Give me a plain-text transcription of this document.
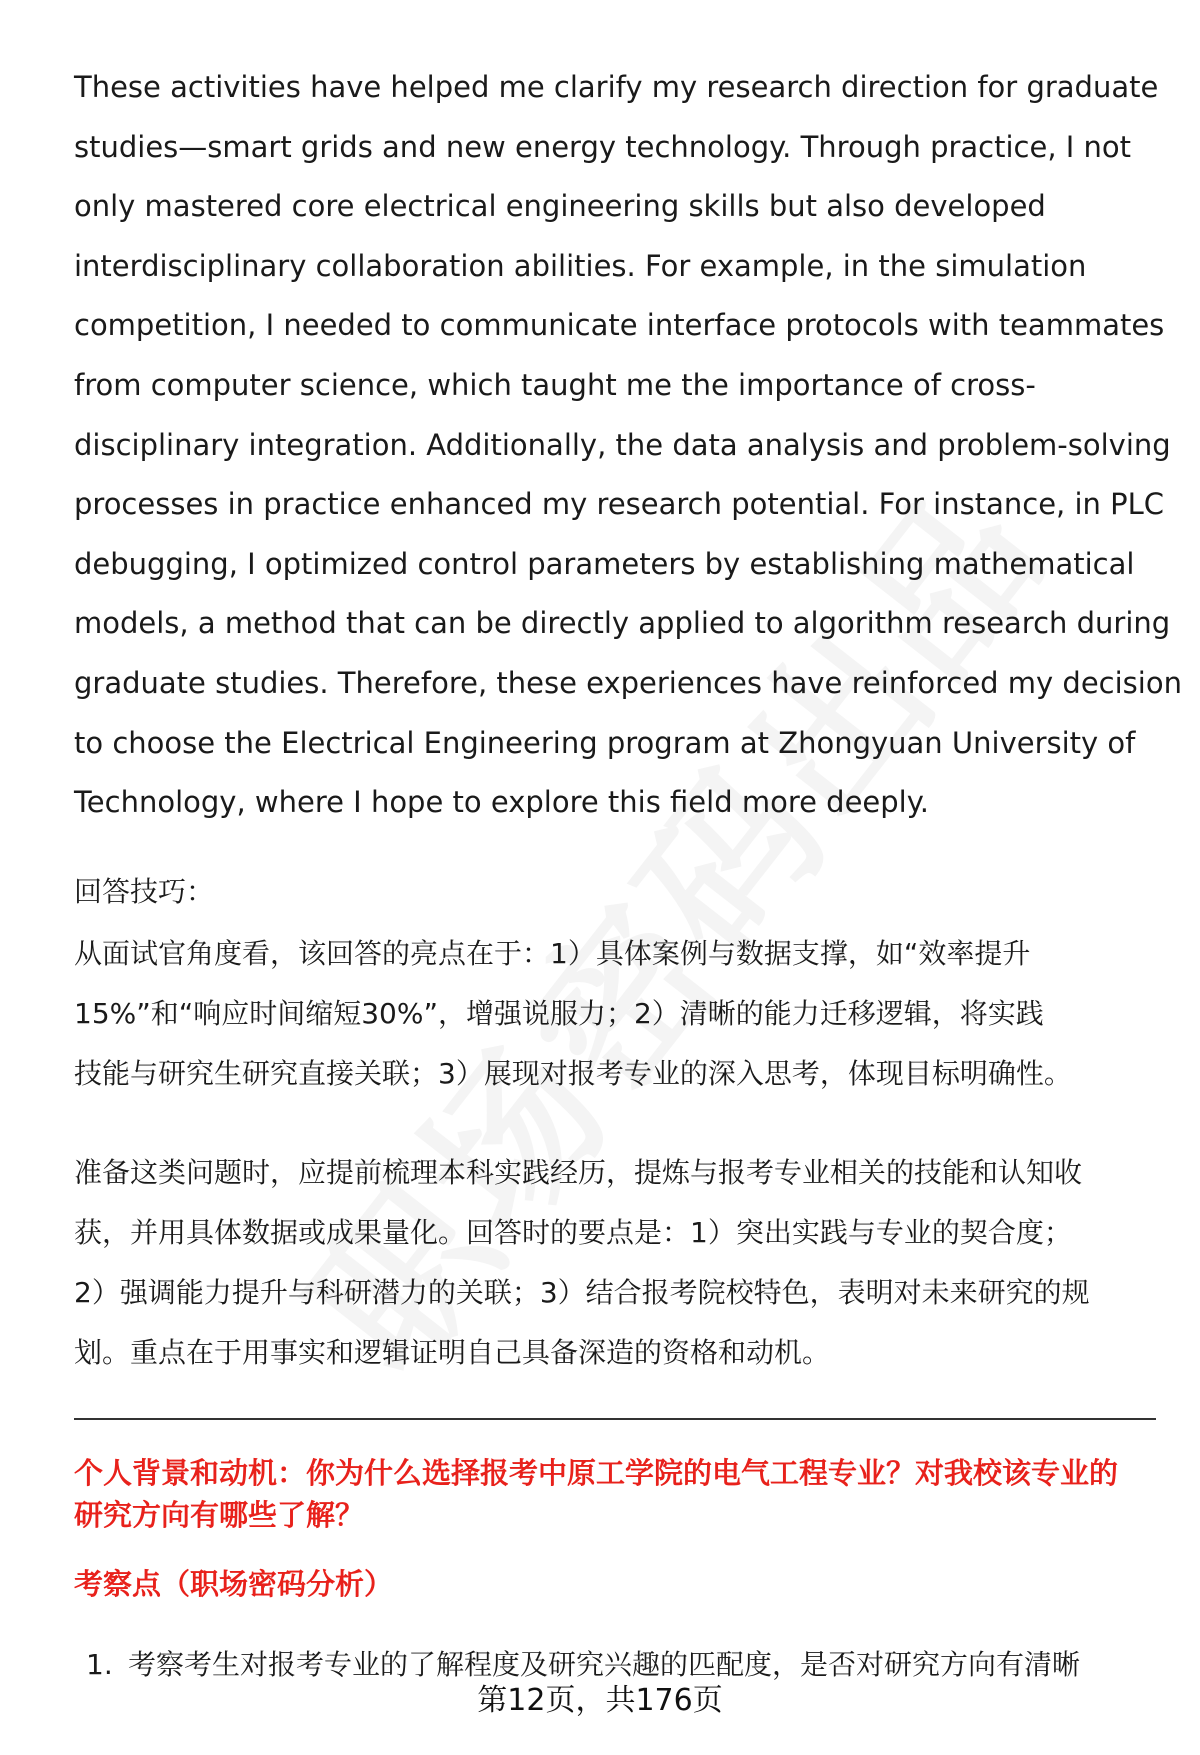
These activities have helped me clarify my research direction for graduate
studies—smart grids and new energy technology. Through practice, I not
only mastered core electrical engineering skills but also developed
interdisciplinary collaboration abilities. For example, in the simulation
competition, I needed to communicate interface protocols with teammates
from computer science, which taught me the importance of cross-
disciplinary integration. Additionally, the data analysis and problem-solving
processes in practice enhanced my research potential. For instance, in PLC
debugging, I optimized control parameters by establishing mathematical
models, a method that can be directly applied to algorithm research during
graduate studies. Therefore, these experiences have reinforced my decision
to choose the Electrical Engineering program at Zhongyuan University of
Technology, where I hope to explore this field more deeply.

回答技巧：

从面试官角度看，该回答的亮点在于：1）具体案例与数据支撑，如“效率提升
15%”和“响应时间缩短30%”，增强说服力；2）清晰的能力迁移逻辑，将实践
技能与研究生研究直接关联；3）展现对报考专业的深入思考，体现目标明确性。

准备这类问题时，应提前梳理本科实践经历，提炼与报考专业相关的技能和认知收
获，并用具体数据或成果量化。回答时的要点是：1）突出实践与专业的契合度；
2）强调能力提升与科研潜力的关联；3）结合报考院校特色，表明对未来研究的规
划。重点在于用事实和逻辑证明自己具备深造的资格和动机。

个人背景和动机：你为什么选择报考中原工学院的电气工程专业？对我校该专业的
研究方向有哪些了解？
考察点（职场密码分析）

1. 考察考生对报考专业的了解程度及研究兴趣的匹配度，是否对研究方向有清晰

第12页，共176页
